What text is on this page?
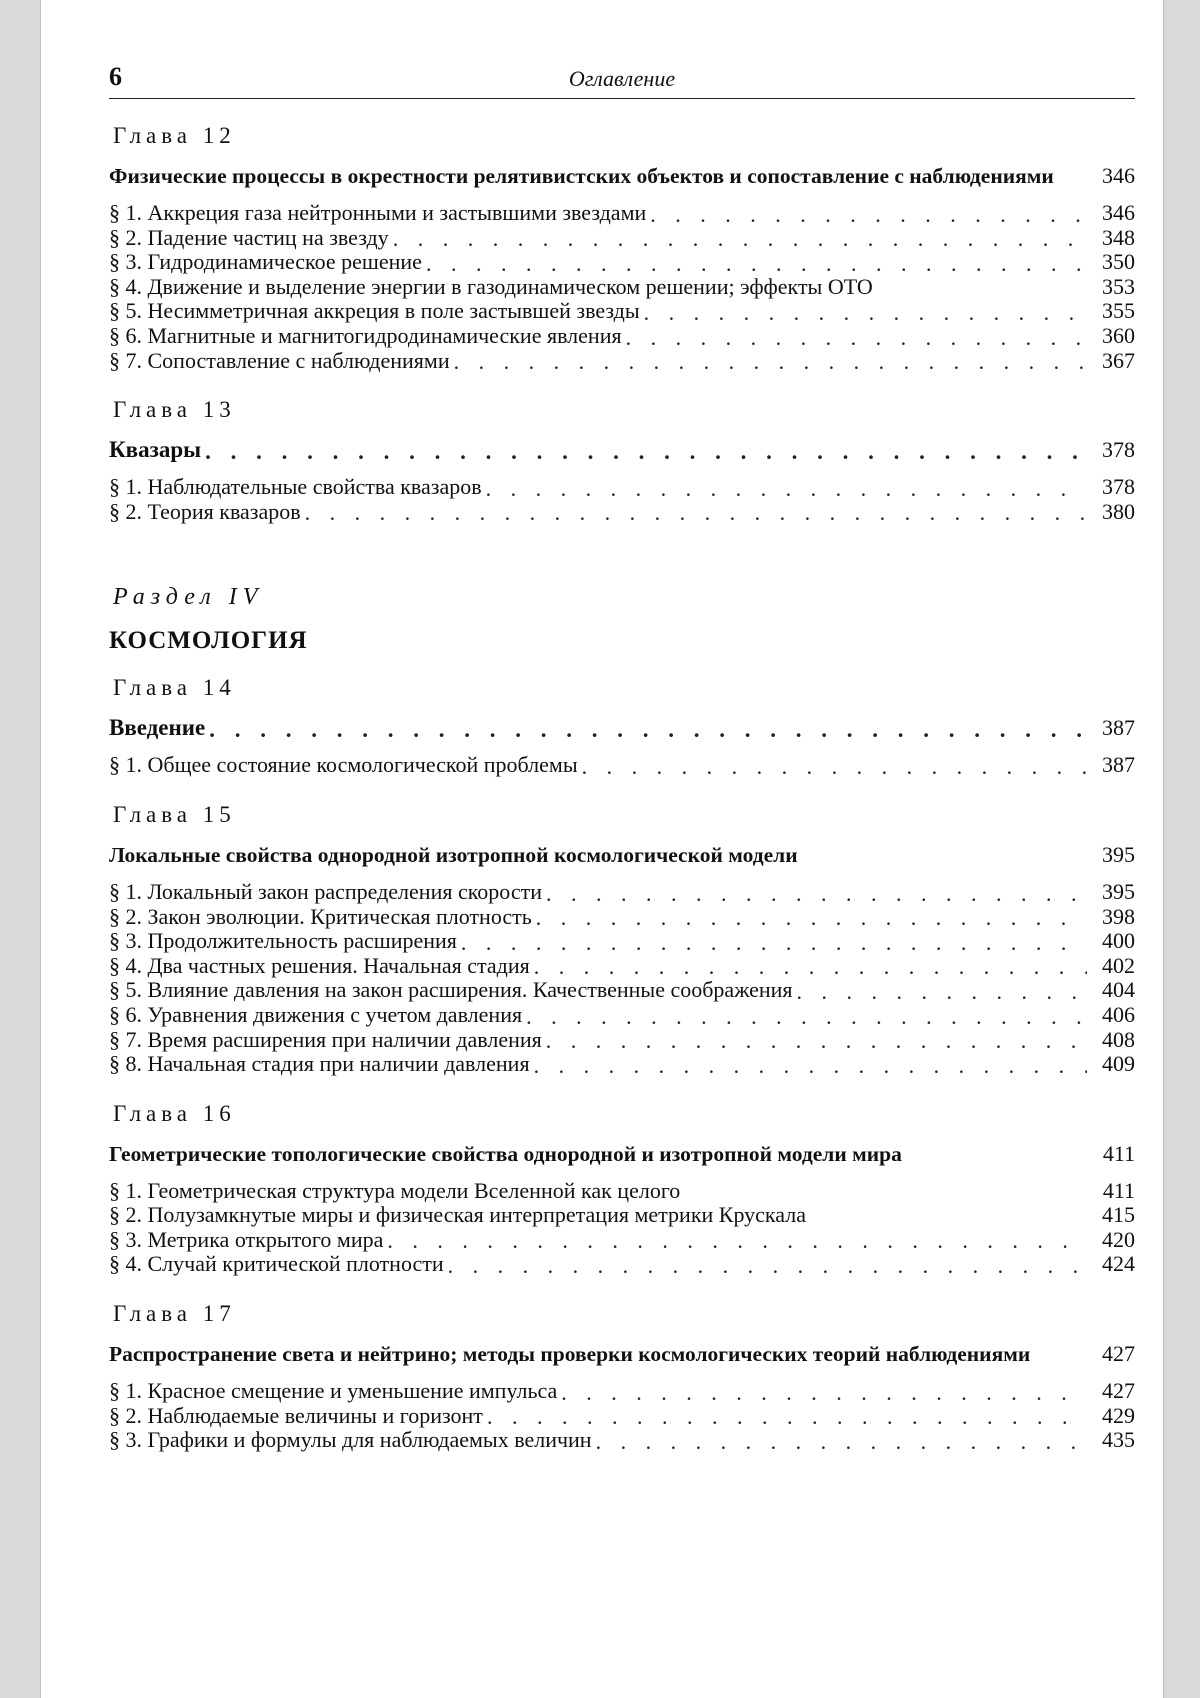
6	Оглавление
Глава 12
Физические процессы в окрестности релятивистских объектов и сопоставление с наблюдениями	346
§ 1. Аккреция газа нейтронными и застывшими звездами . . .	346
§ 2. Падение частиц на звезду . . .	348
§ 3. Гидродинамическое решение . . .	350
§ 4. Движение и выделение энергии в газодинамическом решении; эффекты ОТО	353
§ 5. Несимметричная аккреция в поле застывшей звезды . . .	355
§ 6. Магнитные и магнитогидродинамические явления . . .	360
§ 7. Сопоставление с наблюдениями . . .	367
Глава 13
Квазары . . .	378
§ 1. Наблюдательные свойства квазаров . . .	378
§ 2. Теория квазаров . . .	380
Раздел IV
КОСМОЛОГИЯ
Глава 14
Введение . . .	387
§ 1. Общее состояние космологической проблемы . . .	387
Глава 15
Локальные свойства однородной изотропной космологической модели	395
§ 1. Локальный закон распределения скорости . . .	395
§ 2. Закон эволюции. Критическая плотность . . .	398
§ 3. Продолжительность расширения . . .	400
§ 4. Два частных решения. Начальная стадия . . .	402
§ 5. Влияние давления на закон расширения. Качественные соображения . . .	404
§ 6. Уравнения движения с учетом давления . . .	406
§ 7. Время расширения при наличии давления . . .	408
§ 8. Начальная стадия при наличии давления . . .	409
Глава 16
Геометрические топологические свойства однородной и изотропной модели мира	411
§ 1. Геометрическая структура модели Вселенной как целого	411
§ 2. Полузамкнутые миры и физическая интерпретация метрики Крускала	415
§ 3. Метрика открытого мира . . .	420
§ 4. Случай критической плотности . . .	424
Глава 17
Распространение света и нейтрино; методы проверки космологических теорий наблюдениями	427
§ 1. Красное смещение и уменьшение импульса . . .	427
§ 2. Наблюдаемые величины и горизонт . . .	429
§ 3. Графики и формулы для наблюдаемых величин . . .	435
